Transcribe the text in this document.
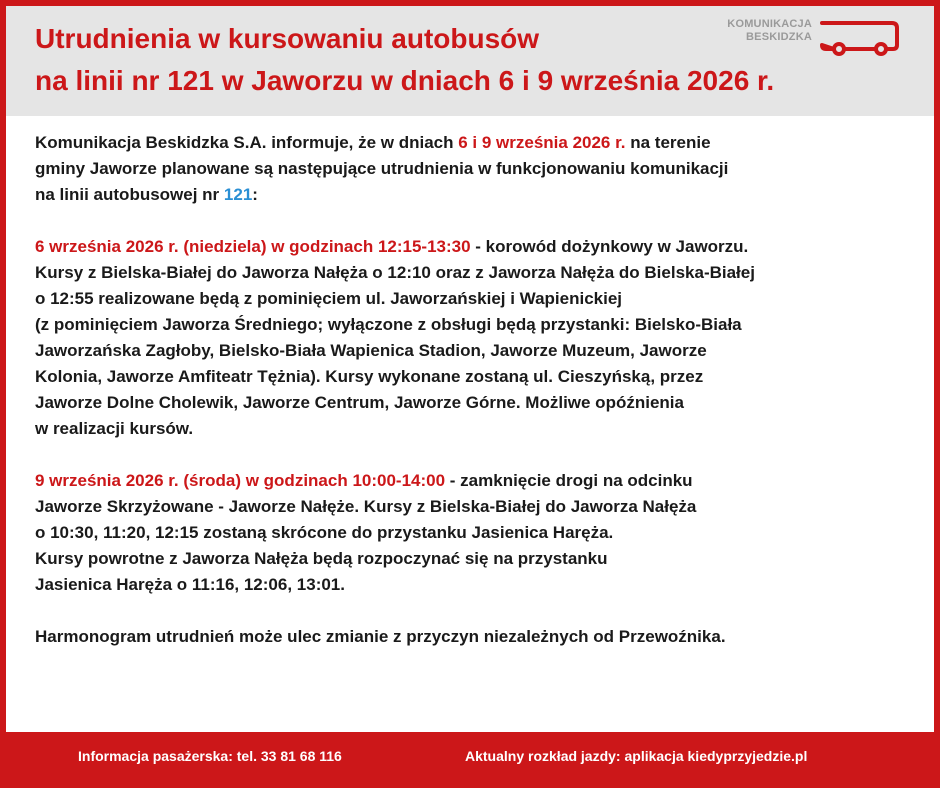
Utrudnienia w kursowaniu autobusów
na linii nr 121 w Jaworzu w dniach 6 i 9 września 2026 r.
KOMUNIKACJA
BESKIDZKA

Komunikacja Beskidzka S.A. informuje, że w dniach 6 i 9 września 2026 r. na terenie
gminy Jaworze planowane są następujące utrudnienia w funkcjonowaniu komunikacji
na linii autobusowej nr 121:

6 września 2026 r. (niedziela) w godzinach 12:15-13:30 - korowód dożynkowy w Jaworzu.
Kursy z Bielska-Białej do Jaworza Nałęża o 12:10 oraz z Jaworza Nałęża do Bielska-Białej
o 12:55 realizowane będą z pominięciem ul. Jaworzańskiej i Wapienickiej
(z pominięciem Jaworza Średniego; wyłączone z obsługi będą przystanki: Bielsko-Biała
Jaworzańska Zagłoby, Bielsko-Biała Wapienica Stadion, Jaworze Muzeum, Jaworze
Kolonia, Jaworze Amfiteatr Tężnia). Kursy wykonane zostaną ul. Cieszyńską, przez
Jaworze Dolne Cholewik, Jaworze Centrum, Jaworze Górne. Możliwe opóźnienia
w realizacji kursów.

9 września 2026 r. (środa) w godzinach 10:00-14:00 - zamknięcie drogi na odcinku
Jaworze Skrzyżowane - Jaworze Nałęże. Kursy z Bielska-Białej do Jaworza Nałęża
o 10:30, 11:20, 12:15 zostaną skrócone do przystanku Jasienica Haręża.
Kursy powrotne z Jaworza Nałęża będą rozpoczynać się na przystanku
Jasienica Haręża o 11:16, 12:06, 13:01.

Harmonogram utrudnień może ulec zmianie z przyczyn niezależnych od Przewoźnika.

Informacja pasażerska: tel. 33 81 68 116	Aktualny rozkład jazdy: aplikacja kiedyprzyjedzie.pl
